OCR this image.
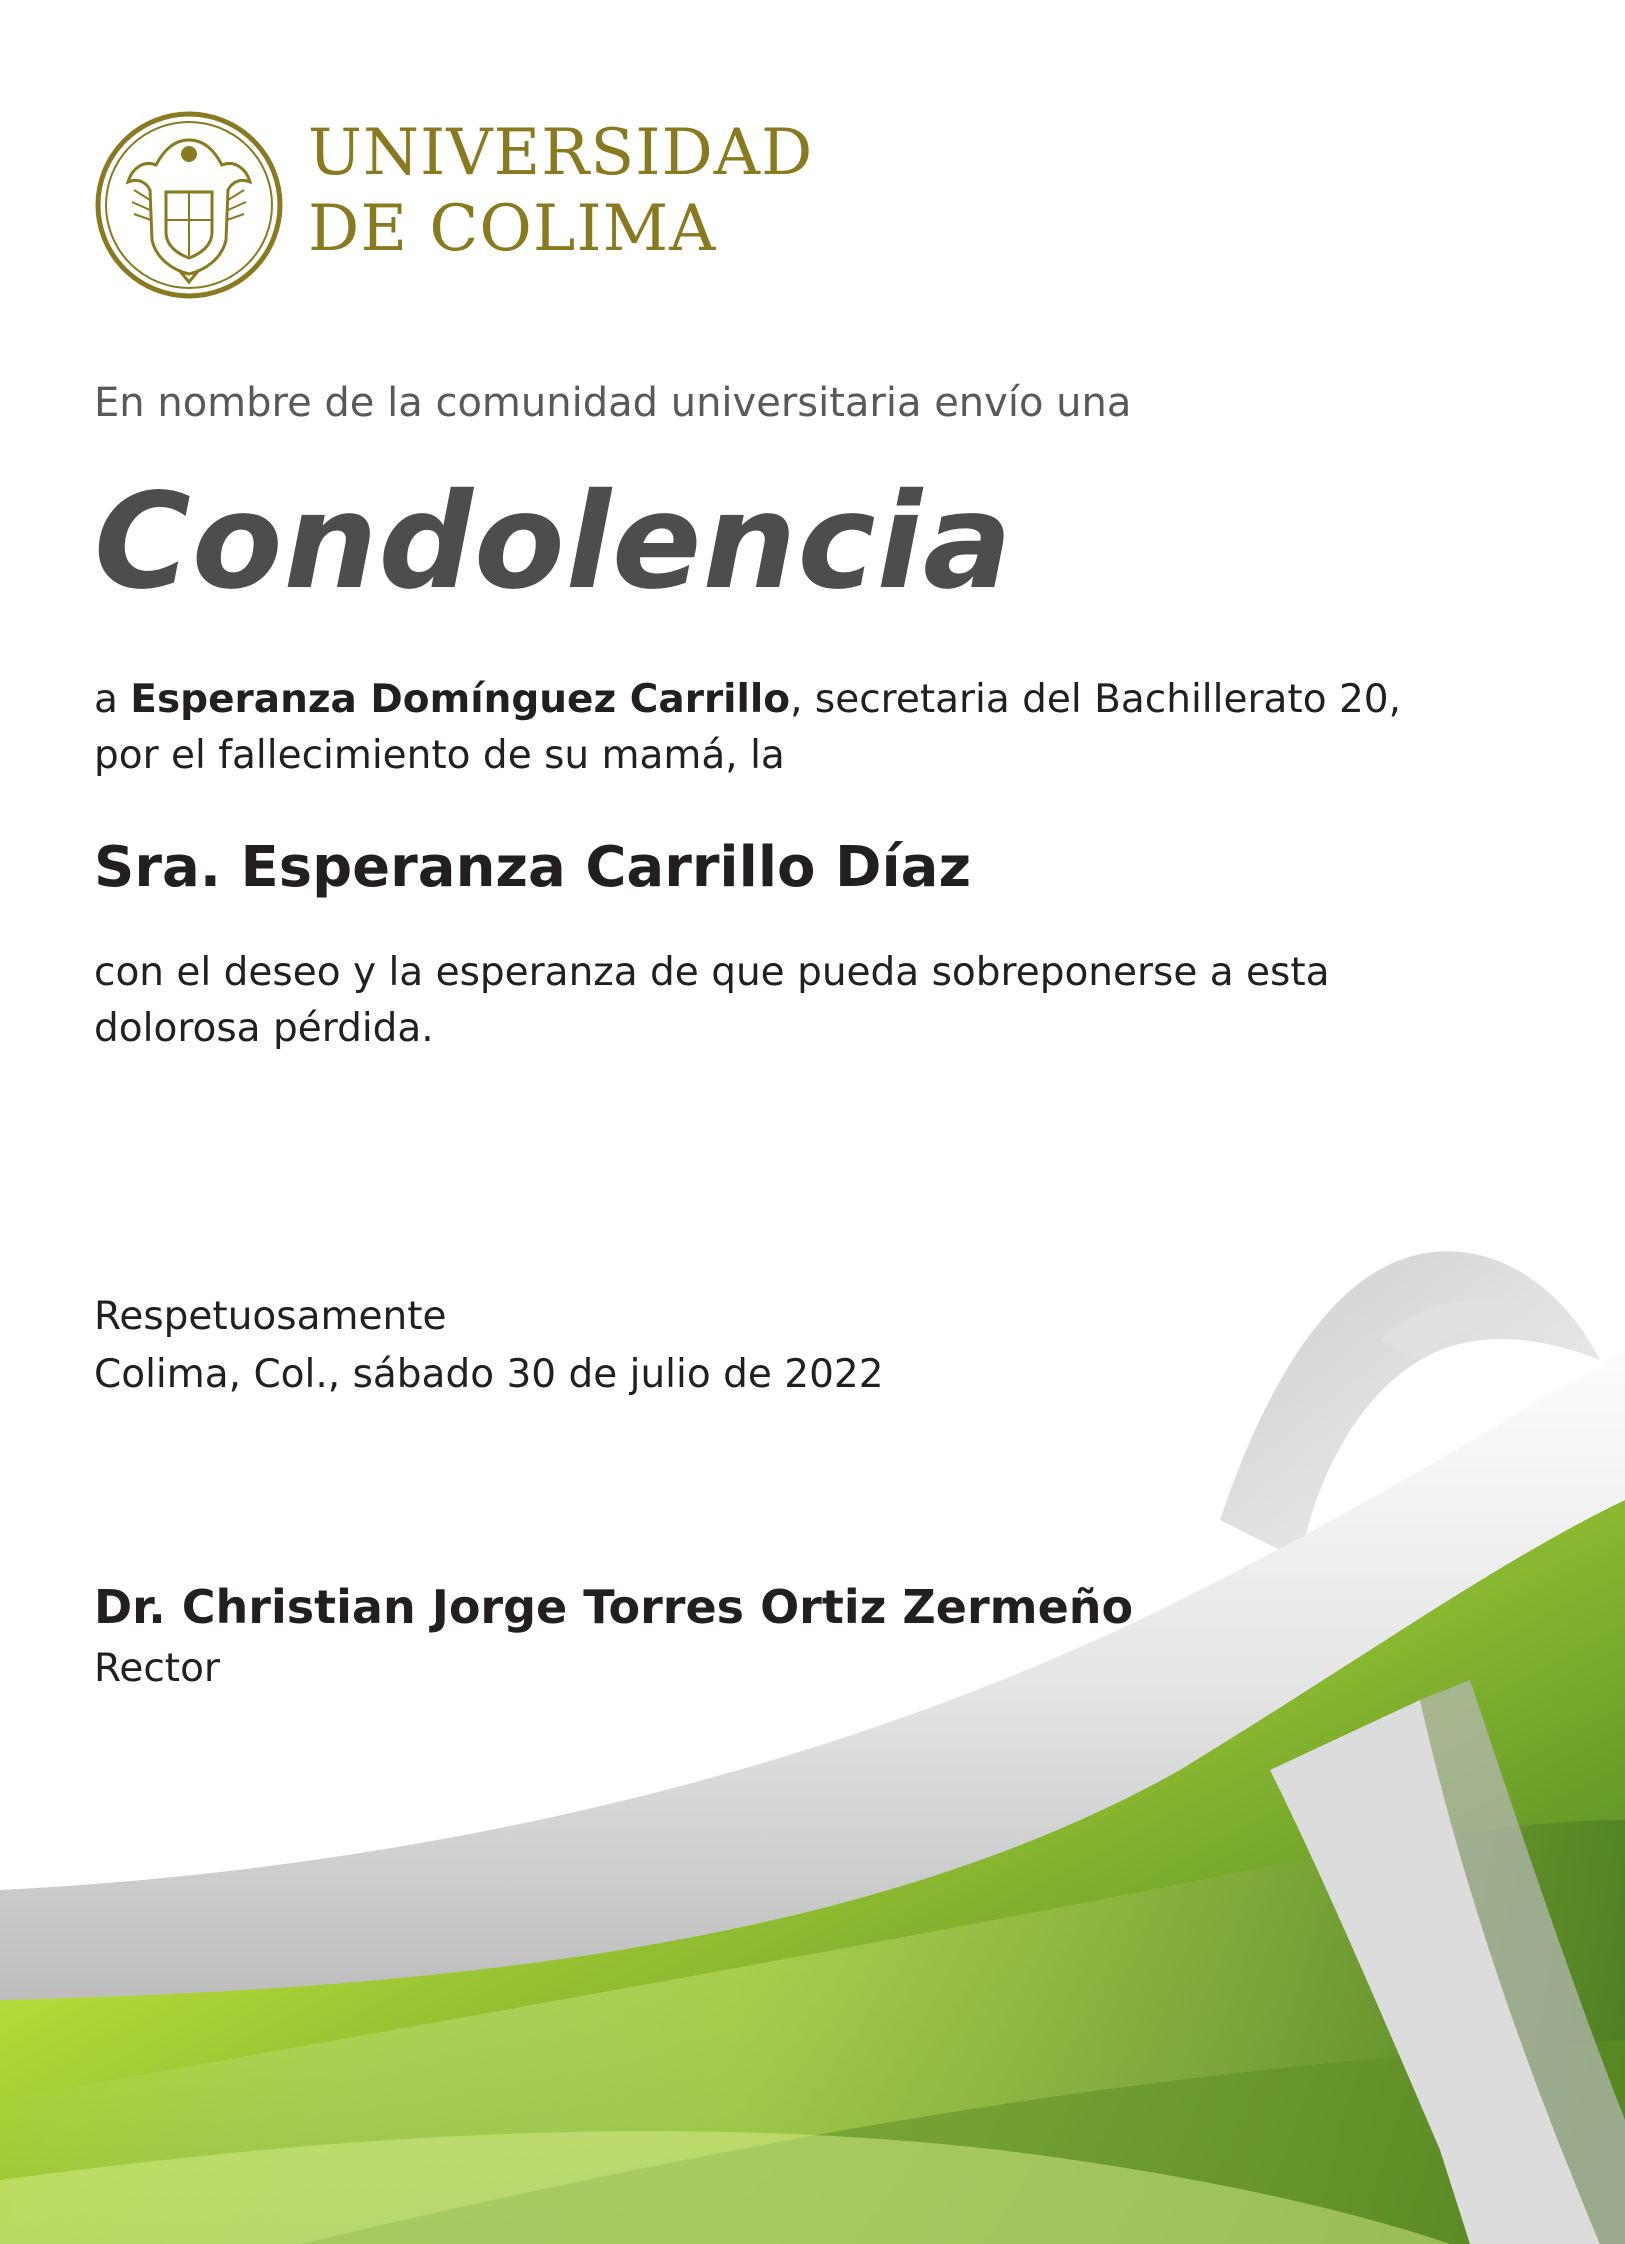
UNIVERSIDAD
DE COLIMA
En nombre de la comunidad universitaria envío una
Condolencia
a Esperanza Domínguez Carrillo, secretaria del Bachillerato 20,
por el fallecimiento de su mamá, la
Sra. Esperanza Carrillo Díaz
con el deseo y la esperanza de que pueda sobreponerse a esta
dolorosa pérdida.
Respetuosamente
Colima, Col., sábado 30 de julio de 2022
Dr. Christian Jorge Torres Ortiz Zermeño
Rector
